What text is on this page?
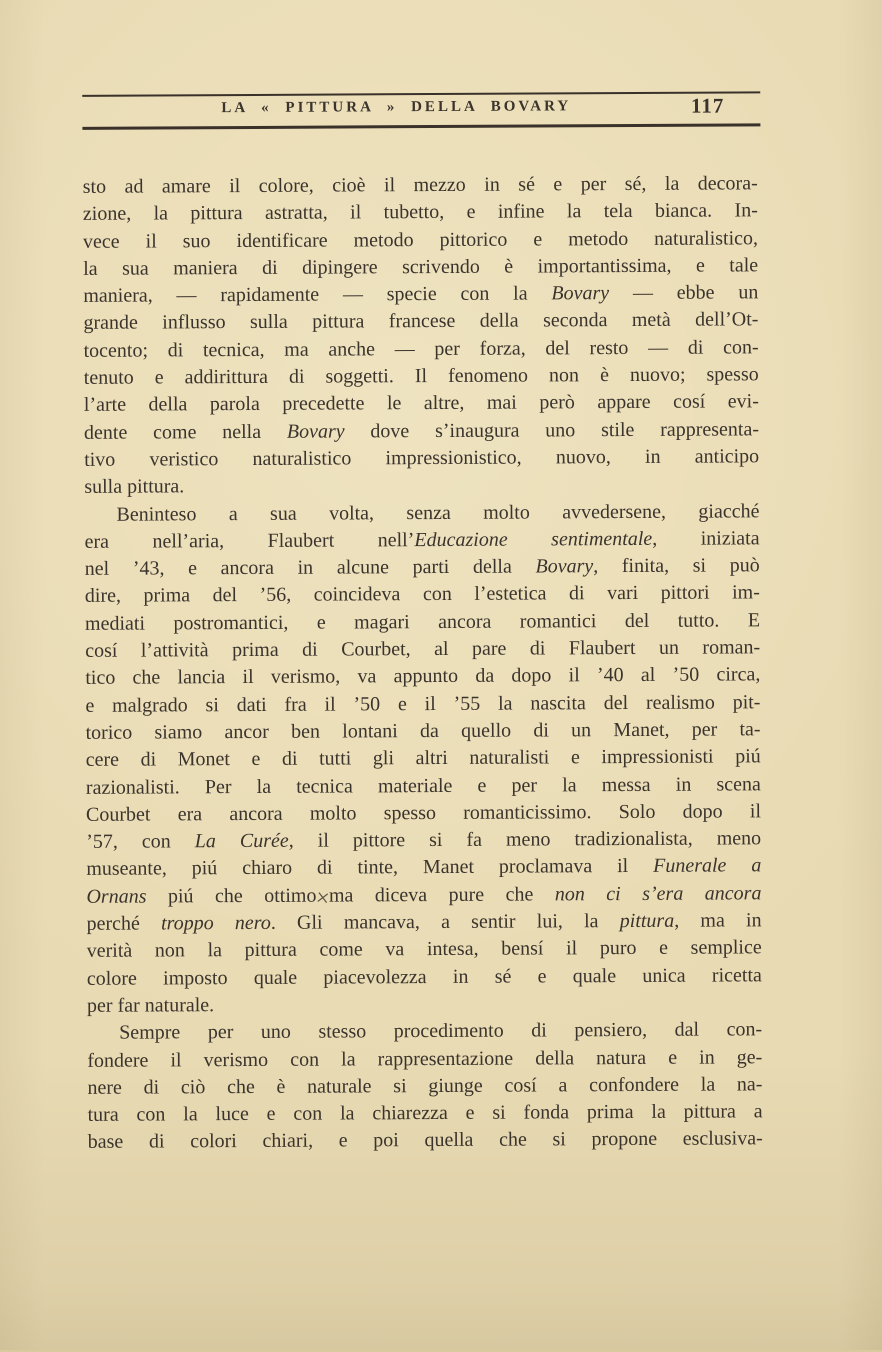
LA « PITTURA » DELLA BOVARY	117
sto ad amare il colore, cioè il mezzo in sé e per sé, la decora-
zione, la pittura astratta, il tubetto, e infine la tela bianca. In-
vece il suo identificare metodo pittorico e metodo naturalistico,
la sua maniera di dipingere scrivendo è importantissima, e tale
maniera, — rapidamente — specie con la Bovary — ebbe un
grande influsso sulla pittura francese della seconda metà dell’Ot-
tocento; di tecnica, ma anche — per forza, del resto — di con-
tenuto e addirittura di soggetti. Il fenomeno non è nuovo; spesso
l’arte della parola precedette le altre, mai però appare cosí evi-
dente come nella Bovary dove s’inaugura uno stile rappresenta-
tivo veristico naturalistico impressionistico, nuovo, in anticipo
sulla pittura.
Beninteso a sua volta, senza molto avvedersene, giacché
era nell’aria, Flaubert nell’Educazione sentimentale, iniziata
nel ’43, e ancora in alcune parti della Bovary, finita, si può
dire, prima del ’56, coincideva con l’estetica di vari pittori im-
mediati postromantici, e magari ancora romantici del tutto. E
cosí l’attività prima di Courbet, al pare di Flaubert un roman-
tico che lancia il verismo, va appunto da dopo il ’40 al ’50 circa,
e malgrado si dati fra il ’50 e il ’55 la nascita del realismo pit-
torico siamo ancor ben lontani da quello di un Manet, per ta-
cere di Monet e di tutti gli altri naturalisti e impressionisti piú
razionalisti. Per la tecnica materiale e per la messa in scena
Courbet era ancora molto spesso romanticissimo. Solo dopo il
’57, con La Curée, il pittore si fa meno tradizionalista, meno
museante, piú chiaro di tinte, Manet proclamava il Funerale a
Ornans piú che ottimo×ma diceva pure che non ci s’era ancora
perché troppo nero. Gli mancava, a sentir lui, la pittura, ma in
verità non la pittura come va intesa, bensí il puro e semplice
colore imposto quale piacevolezza in sé e quale unica ricetta
per far naturale.
Sempre per uno stesso procedimento di pensiero, dal con-
fondere il verismo con la rappresentazione della natura e in ge-
nere di ciò che è naturale si giunge cosí a confondere la na-
tura con la luce e con la chiarezza e si fonda prima la pittura a
base di colori chiari, e poi quella che si propone esclusiva-
